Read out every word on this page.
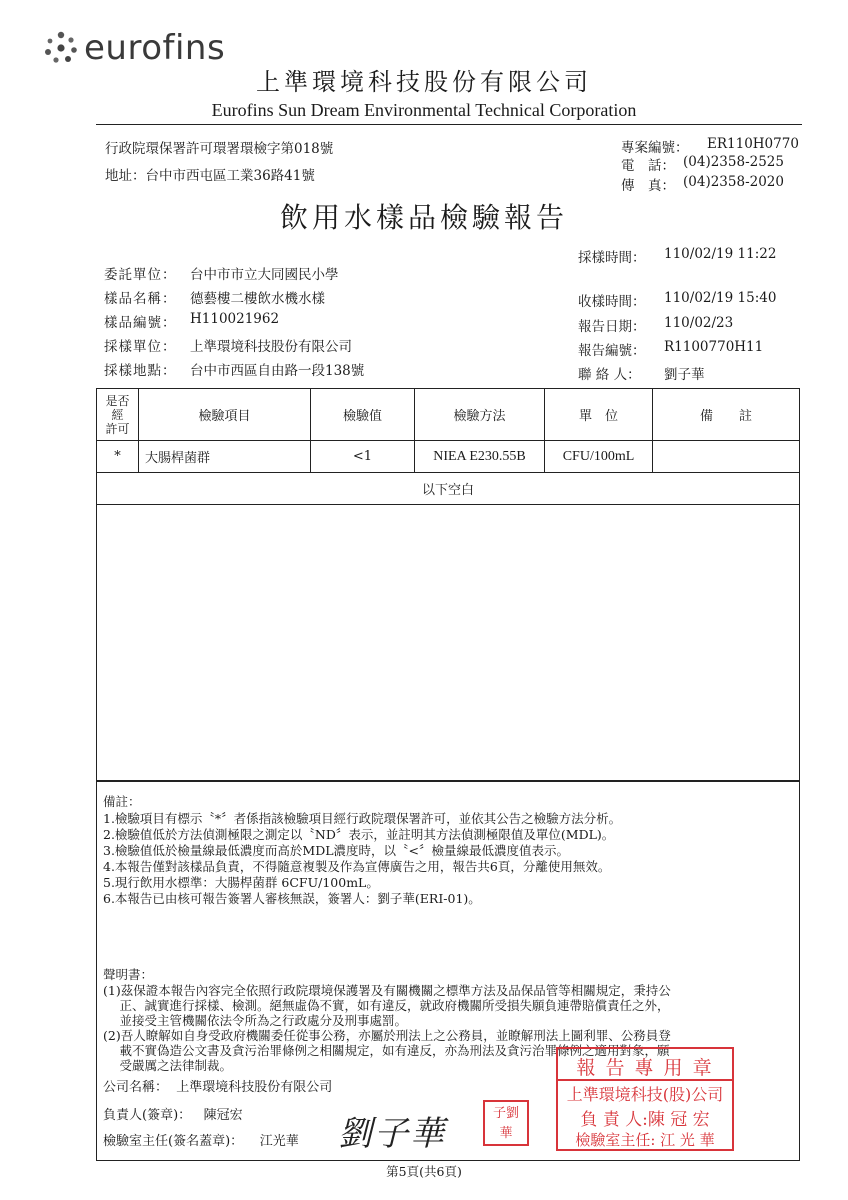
eurofins
上準環境科技股份有限公司
Eurofins Sun Dream Environmental Technical Corporation
行政院環保署許可環署環檢字第018號
地址：台中市西屯區工業36路41號
專案編號： ER110H0770
電　話： (04)2358-2525
傳　真： (04)2358-2020
飲用水樣品檢驗報告
採樣時間： 110/02/19 11:22
委託單位： 台中市市立大同國民小學
樣品名稱： 德藝樓二樓飲水機水樣	收樣時間： 110/02/19 15:40
樣品編號： H110021962	報告日期： 110/02/23
採樣單位： 上準環境科技股份有限公司	報告編號： R1100770H11
採樣地點： 台中市西區自由路一段138號	聯 絡 人： 劉子華
是否
經
許可	檢驗項目	檢驗值	檢驗方法	單　位	備　　註
*	大腸桿菌群	<1	NIEA E230.55B	CFU/100mL	
以下空白					

備註：
1.檢驗項目有標示〝*〞者係指該檢驗項目經行政院環保署許可，並依其公告之檢驗方法分析。
2.檢驗值低於方法偵測極限之測定以〝ND〞表示，並註明其方法偵測極限值及單位(MDL)。
3.檢驗值低於檢量線最低濃度而高於MDL濃度時，以〝<〞檢量線最低濃度值表示。
4.本報告僅對該樣品負責，不得隨意複製及作為宣傳廣告之用，報告共6頁，分離使用無效。
5.現行飲用水標準：大腸桿菌群 6CFU/100mL。
6.本報告已由核可報告簽署人審核無誤，簽署人：劉子華(ERI-01)。
聲明書：
(1)茲保證本報告內容完全依照行政院環境保護署及有關機關之標準方法及品保品管等相關規定，秉持公
　 正、誠實進行採樣、檢測。絕無虛偽不實，如有違反，就政府機關所受損失願負連帶賠償責任之外，
　 並接受主管機關依法令所為之行政處分及刑事處罰。
(2)吾人瞭解如自身受政府機關委任從事公務，亦屬於刑法上之公務員，並瞭解刑法上圖利罪、公務員登
　 載不實偽造公文書及貪污治罪條例之相關規定，如有違反，亦為刑法及貪污治罪條例之適用對象，願
　 受嚴厲之法律制裁。
公司名稱： 上準環境科技股份有限公司
負責人(簽章)： 陳冠宏
檢驗室主任(簽名蓋章)： 江光華 劉子華
子劉 華
報 告 專 用 章
上準環境科技(股)公司
負 責 人:陳 冠 宏
檢驗室主任: 江 光 華
第5頁(共6頁)
